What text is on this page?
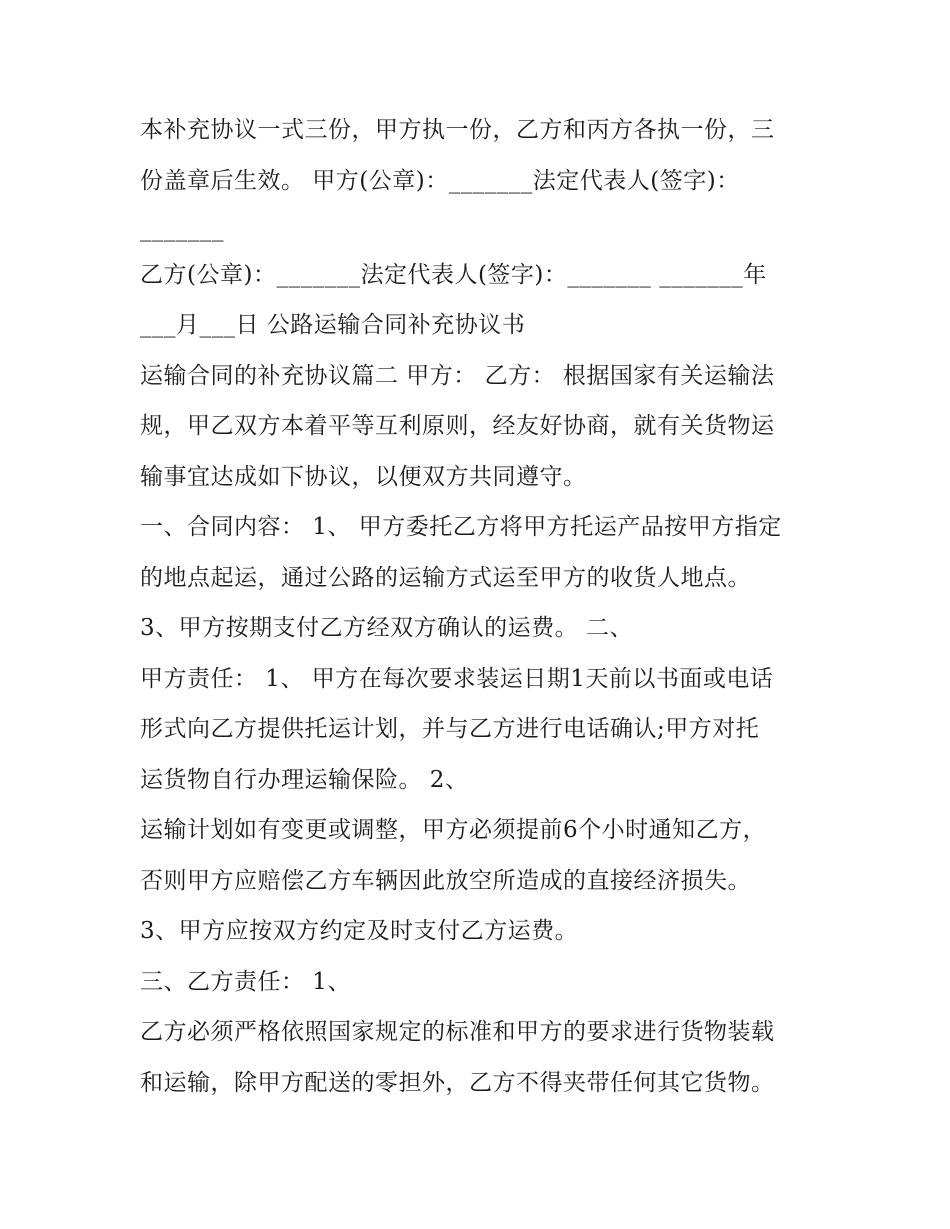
本补充协议一式三份，甲方执一份，乙方和丙方各执一份，三
份盖章后生效。 甲方(公章)：_______法定代表人(签字)：
_______
乙方(公章)：_______法定代表人(签字)：_______ _______年
___月___日 公路运输合同补充协议书
运输合同的补充协议篇二 甲方： 乙方： 根据国家有关运输法
规，甲乙双方本着平等互利原则，经友好协商，就有关货物运
输事宜达成如下协议，以便双方共同遵守。
一、合同内容： 1、 甲方委托乙方将甲方托运产品按甲方指定
的地点起运，通过公路的运输方式运至甲方的收货人地点。
3、甲方按期支付乙方经双方确认的运费。 二、
甲方责任： 1、 甲方在每次要求装运日期1天前以书面或电话
形式向乙方提供托运计划，并与乙方进行电话确认;甲方对托
运货物自行办理运输保险。 2、
运输计划如有变更或调整，甲方必须提前6个小时通知乙方，
否则甲方应赔偿乙方车辆因此放空所造成的直接经济损失。
3、甲方应按双方约定及时支付乙方运费。
三、乙方责任： 1、
乙方必须严格依照国家规定的标准和甲方的要求进行货物装载
和运输，除甲方配送的零担外，乙方不得夹带任何其它货物。
